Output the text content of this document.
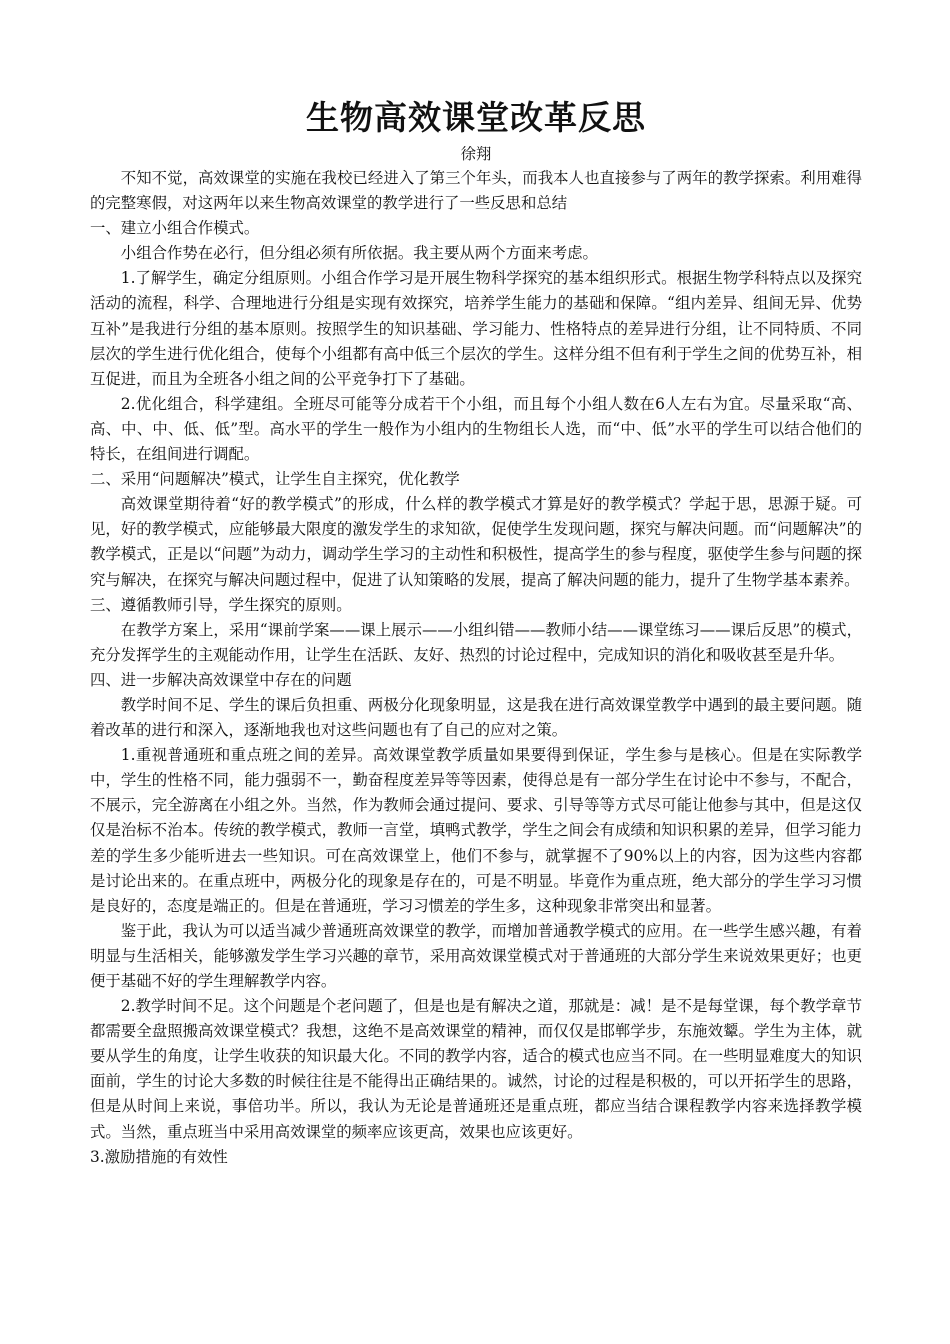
生物高效课堂改革反思

徐翔

不知不觉，高效课堂的实施在我校已经进入了第三个年头，而我本人也直接参与了两年的教学探索。利用难得的完整寒假，对这两年以来生物高效课堂的教学进行了一些反思和总结

一、建立小组合作模式。

小组合作势在必行，但分组必须有所依据。我主要从两个方面来考虑。

1.了解学生，确定分组原则。小组合作学习是开展生物科学探究的基本组织形式。根据生物学科特点以及探究活动的流程，科学、合理地进行分组是实现有效探究，培养学生能力的基础和保障。“组内差异、组间无异、优势互补”是我进行分组的基本原则。按照学生的知识基础、学习能力、性格特点的差异进行分组，让不同特质、不同层次的学生进行优化组合，使每个小组都有高中低三个层次的学生。这样分组不但有利于学生之间的优势互补，相互促进，而且为全班各小组之间的公平竞争打下了基础。

2.优化组合，科学建组。全班尽可能等分成若干个小组，而且每个小组人数在6人左右为宜。尽量采取“高、高、中、中、低、低”型。高水平的学生一般作为小组内的生物组长人选，而“中、低”水平的学生可以结合他们的特长，在组间进行调配。

二、采用“问题解决”模式，让学生自主探究，优化教学

高效课堂期待着“好的教学模式”的形成，什么样的教学模式才算是好的教学模式？学起于思，思源于疑。可见，好的教学模式，应能够最大限度的激发学生的求知欲，促使学生发现问题，探究与解决问题。而“问题解决”的教学模式，正是以“问题”为动力，调动学生学习的主动性和积极性，提高学生的参与程度，驱使学生参与问题的探究与解决，在探究与解决问题过程中，促进了认知策略的发展，提高了解决问题的能力，提升了生物学基本素养。

三、遵循教师引导，学生探究的原则。

在教学方案上，采用“课前学案——课上展示——小组纠错——教师小结——课堂练习——课后反思”的模式，充分发挥学生的主观能动作用，让学生在活跃、友好、热烈的讨论过程中，完成知识的消化和吸收甚至是升华。

四、进一步解决高效课堂中存在的问题

教学时间不足、学生的课后负担重、两极分化现象明显，这是我在进行高效课堂教学中遇到的最主要问题。随着改革的进行和深入，逐渐地我也对这些问题也有了自己的应对之策。

1.重视普通班和重点班之间的差异。高效课堂教学质量如果要得到保证，学生参与是核心。但是在实际教学中，学生的性格不同，能力强弱不一，勤奋程度差异等等因素，使得总是有一部分学生在讨论中不参与，不配合，不展示，完全游离在小组之外。当然，作为教师会通过提问、要求、引导等等方式尽可能让他参与其中，但是这仅仅是治标不治本。传统的教学模式，教师一言堂，填鸭式教学，学生之间会有成绩和知识积累的差异，但学习能力差的学生多少能听进去一些知识。可在高效课堂上，他们不参与，就掌握不了90%以上的内容，因为这些内容都是讨论出来的。在重点班中，两极分化的现象是存在的，可是不明显。毕竟作为重点班，绝大部分的学生学习习惯是良好的，态度是端正的。但是在普通班，学习习惯差的学生多，这种现象非常突出和显著。

鉴于此，我认为可以适当减少普通班高效课堂的教学，而增加普通教学模式的应用。在一些学生感兴趣，有着明显与生活相关，能够激发学生学习兴趣的章节，采用高效课堂模式对于普通班的大部分学生来说效果更好；也更便于基础不好的学生理解教学内容。

2.教学时间不足。这个问题是个老问题了，但是也是有解决之道，那就是：减！是不是每堂课，每个教学章节都需要全盘照搬高效课堂模式？我想，这绝不是高效课堂的精神，而仅仅是邯郸学步，东施效颦。学生为主体，就要从学生的角度，让学生收获的知识最大化。不同的教学内容，适合的模式也应当不同。在一些明显难度大的知识面前，学生的讨论大多数的时候往往是不能得出正确结果的。诚然，讨论的过程是积极的，可以开拓学生的思路，但是从时间上来说，事倍功半。所以，我认为无论是普通班还是重点班，都应当结合课程教学内容来选择教学模式。当然，重点班当中采用高效课堂的频率应该更高，效果也应该更好。

3.激励措施的有效性
